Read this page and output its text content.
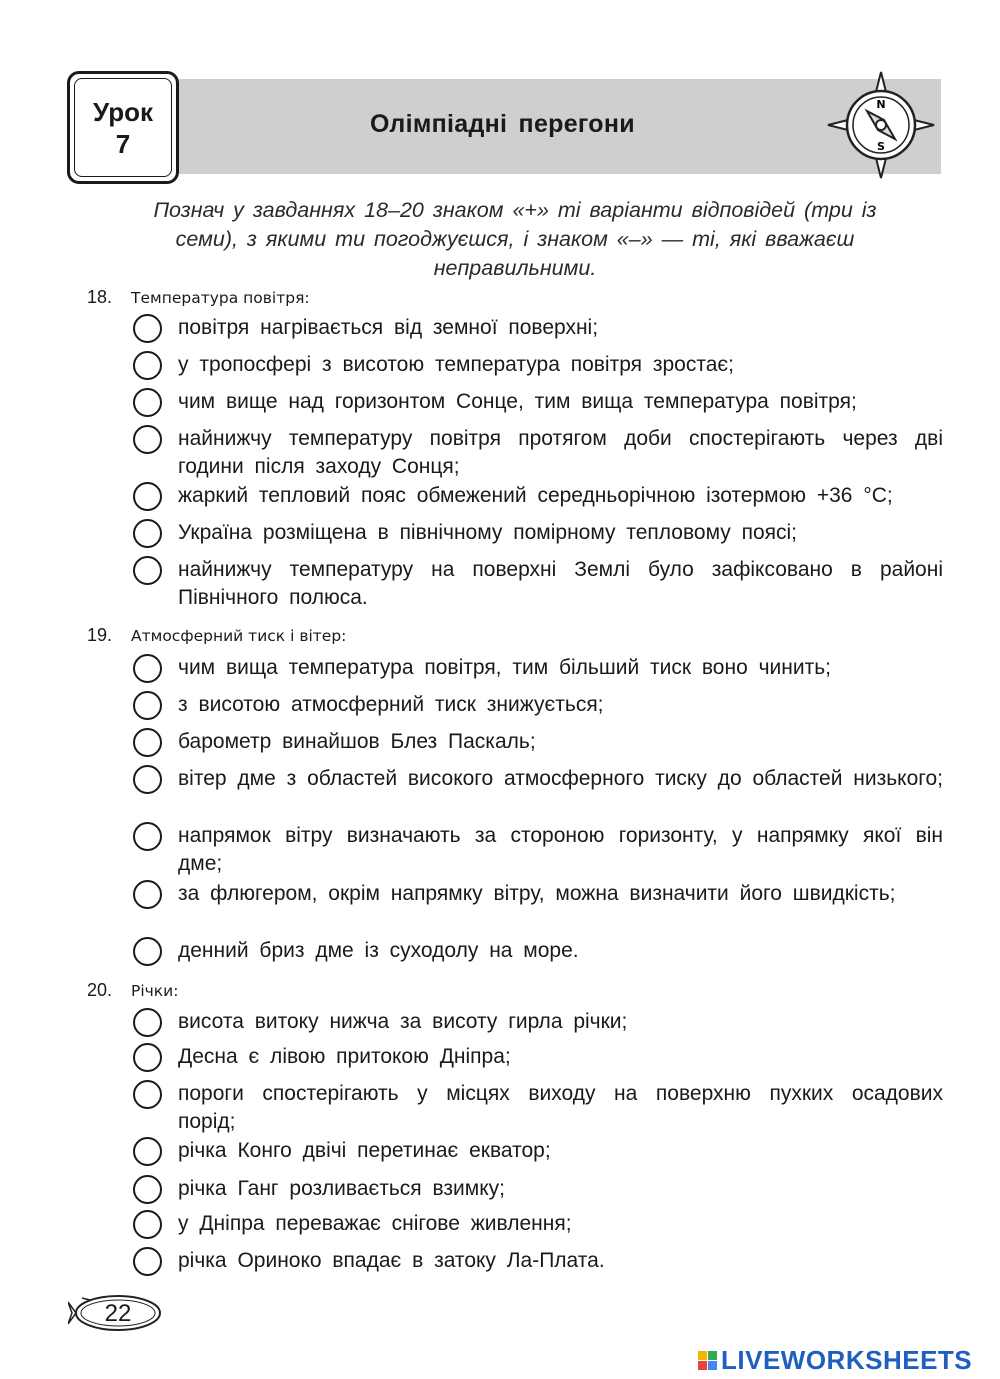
Урок
7
Олімпіадні перегони
N
S
Познач у завданнях 18–20 знаком «+» ті варіанти відповідей (три із семи), з якими ти погоджуєшся, і знаком «–» — ті, які вважаєш неправильними.
18. Температура повітря:
повітря нагрівається від земної поверхні;
у тропосфері з висотою температура повітря зростає;
чим вище над горизонтом Сонце, тим вища температура повітря;
найнижчу температуру повітря протягом доби спостерігають через дві години після заходу Сонця;
жаркий тепловий пояс обмежений середньорічною ізотермою +36 °С;
Україна розміщена в північному помірному тепловому поясі;
найнижчу температуру на поверхні Землі було зафіксовано в районі Північного полюса.
19. Атмосферний тиск і вітер:
чим вища температура повітря, тим більший тиск воно чинить;
з висотою атмосферний тиск знижується;
барометр винайшов Блез Паскаль;
вітер дме з областей високого атмосферного тиску до областей низького;
напрямок вітру визначають за стороною горизонту, у напрямку якої він дме;
за флюгером, окрім напрямку вітру, можна визначити його швидкість;
денний бриз дме із суходолу на море.
20. Річки:
висота витоку нижча за висоту гирла річки;
Десна є лівою притокою Дніпра;
пороги спостерігають у місцях виходу на поверхню пухких осадових порід;
річка Конго двічі перетинає екватор;
річка Ганг розливається взимку;
у Дніпра переважає снігове живлення;
річка Ориноко впадає в затоку Ла-Плата.
22
LIVEWORKSHEETS
